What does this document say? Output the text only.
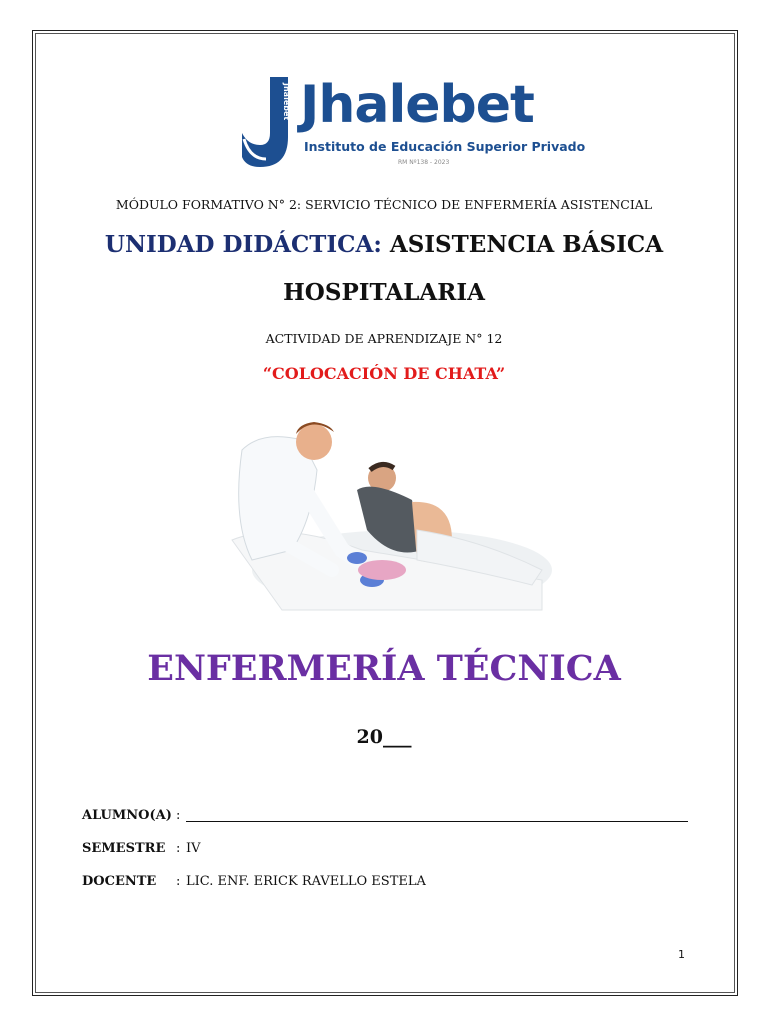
Jhalebet Jhalebet
Instituto de Educación Superior Privado
RM Nº138 - 2023
MÓDULO FORMATIVO N° 2: SERVICIO TÉCNICO DE ENFERMERÍA ASISTENCIAL
UNIDAD DIDÁCTICA: ASISTENCIA BÁSICA
HOSPITALARIA
ACTIVIDAD DE APRENDIZAJE N° 12
“COLOCACIÓN DE CHATA”
ENFERMERÍA TÉCNICA
20___
ALUMNO(A) :
SEMESTRE : IV
DOCENTE : LIC. ENF. ERICK RAVELLO ESTELA
1
